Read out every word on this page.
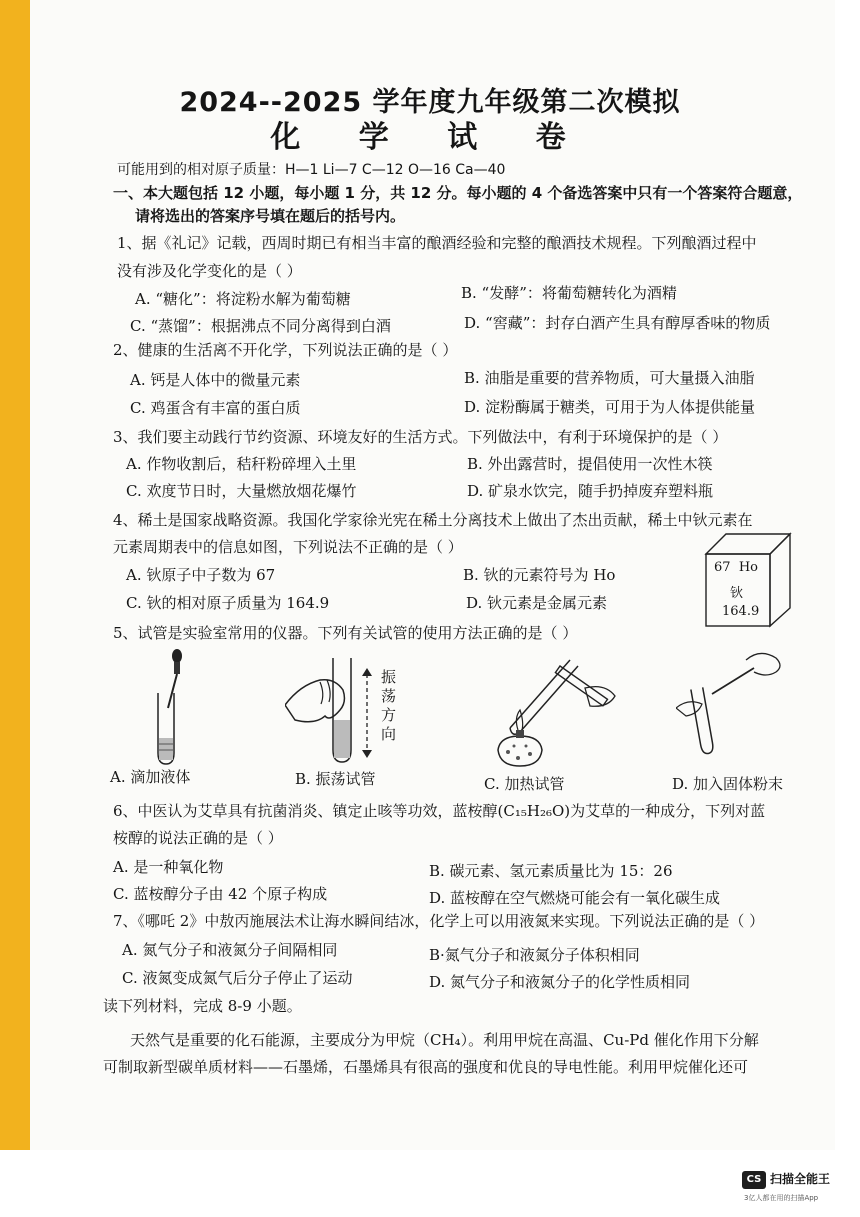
2024--2025 学年度九年级第二次模拟
化 学 试 卷
可能用到的相对原子质量：H—1 Li—7 C—12 O—16 Ca—40
一、本大题包括 12 小题，每小题 1 分，共 12 分。每小题的 4 个备选答案中只有一个答案符合题意，
请将选出的答案序号填在题后的括号内。
1、据《礼记》记载，西周时期已有相当丰富的酿酒经验和完整的酿酒技术规程。下列酿酒过程中
没有涉及化学变化的是（ ）
A. “糖化”：将淀粉水解为葡萄糖	B. “发酵”：将葡萄糖转化为酒精
C. “蒸馏”：根据沸点不同分离得到白酒	D. “窖藏”：封存白酒产生具有醇厚香味的物质
2、健康的生活离不开化学，下列说法正确的是（ ）
A. 钙是人体中的微量元素	B. 油脂是重要的营养物质，可大量摄入油脂
C. 鸡蛋含有丰富的蛋白质	D. 淀粉酶属于糖类，可用于为人体提供能量
3、我们要主动践行节约资源、环境友好的生活方式。下列做法中，有利于环境保护的是（ ）
A. 作物收割后，秸秆粉碎埋入土里	B. 外出露营时，提倡使用一次性木筷
C. 欢度节日时，大量燃放烟花爆竹	D. 矿泉水饮完，随手扔掉废弃塑料瓶
4、稀土是国家战略资源。我国化学家徐光宪在稀土分离技术上做出了杰出贡献，稀土中钬元素在
元素周期表中的信息如图，下列说法不正确的是（ ）
A. 钬原子中子数为 67	B. 钬的元素符号为 Ho
C. 钬的相对原子质量为 164.9	D. 钬元素是金属元素
67 Ho
钬
164.9
5、试管是实验室常用的仪器。下列有关试管的使用方法正确的是（ ）
振
荡
方
向
A. 滴加液体	B. 振荡试管	C. 加热试管	D. 加入固体粉末
6、中医认为艾草具有抗菌消炎、镇定止咳等功效，蓝桉醇(C₁₅H₂₆O)为艾草的一种成分，下列对蓝
桉醇的说法正确的是（ ）
A. 是一种氧化物	B. 碳元素、氢元素质量比为 15：26
C. 蓝桉醇分子由 42 个原子构成	D. 蓝桉醇在空气燃烧可能会有一氧化碳生成
7、《哪吒 2》中敖丙施展法术让海水瞬间结冰，化学上可以用液氮来实现。下列说法正确的是（ ）
A. 氮气分子和液氮分子间隔相同	B·氮气分子和液氮分子体积相同
C. 液氮变成氮气后分子停止了运动	D. 氮气分子和液氮分子的化学性质相同
读下列材料，完成 8-9 小题。
天然气是重要的化石能源，主要成分为甲烷（CH₄）。利用甲烷在高温、Cu-Pd 催化作用下分解
可制取新型碳单质材料——石墨烯，石墨烯具有很高的强度和优良的导电性能。利用甲烷催化还可
CS 扫描全能王
3亿人都在用的扫描App
